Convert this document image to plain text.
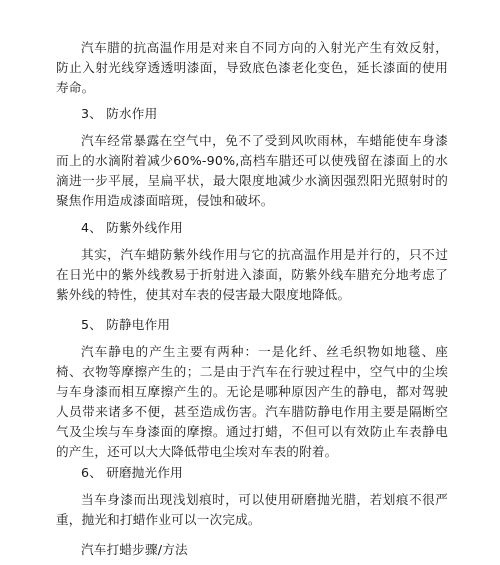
汽车腊的抗高温作用是对来自不同方向的入射光产生有效反射，防止入射光线穿透透明漆面，导致底色漆老化变色，延长漆面的使用寿命。

3、 防水作用

汽车经常暴露在空气中，免不了受到风吹雨林，车蜡能使车身漆而上的水滴附着减少60%-90%,高档车腊还可以使残留在漆面上的水滴进一步平展，呈扁平状，最大限度地减少水滴因强烈阳光照射时的聚焦作用造成漆面暗斑，侵蚀和破坏。

4、 防紫外线作用

其实，汽车蜡防紫外线作用与它的抗高温作用是并行的，只不过在日光中的紫外线教易于折射进入漆面，防紫外线车腊充分地考虑了紫外线的特性，使其对车表的侵害最大限度地降低。

5、 防静电作用

汽车静电的产生主要有两种：一是化纤、丝毛织物如地毯、座椅、衣物等摩擦产生的；二是由于汽车在行驶过程中，空气中的尘埃与车身漆而相互摩擦产生的。无论是哪种原因产生的静电，都对驾驶人员带来诸多不便，甚至造成伤害。汽车腊防静电作用主要是隔断空气及尘埃与车身漆面的摩擦。通过打蜡，不但可以有效防止车表静电的产生，还可以大大降低带电尘埃对车表的附着。

6、 研磨抛光作用

当车身漆而出现浅划痕时，可以使用研磨抛光腊，若划痕不很严重，抛光和打蜡作业可以一次完成。

汽车打蜡步骤/方法
